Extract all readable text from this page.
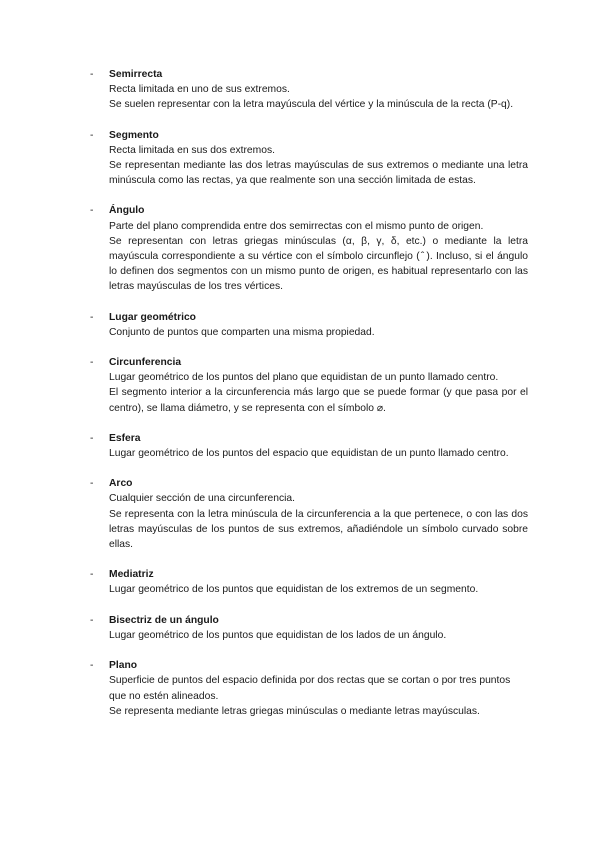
- Semirrecta
Recta limitada en uno de sus extremos.
Se suelen representar con la letra mayúscula del vértice y la minúscula de la recta (P-q).
- Segmento
Recta limitada en sus dos extremos.
Se representan mediante las dos letras mayúsculas de sus extremos o mediante una letra minúscula como las rectas, ya que realmente son una sección limitada de estas.
- Ángulo
Parte del plano comprendida entre dos semirrectas con el mismo punto de origen.
Se representan con letras griegas minúsculas (α, β, γ, δ, etc.) o mediante la letra mayúscula correspondiente a su vértice con el símbolo circunflejo ( ̂ ). Incluso, si el ángulo lo definen dos segmentos con un mismo punto de origen, es habitual representarlo con las letras mayúsculas de los tres vértices.
- Lugar geométrico
Conjunto de puntos que comparten una misma propiedad.
- Circunferencia
Lugar geométrico de los puntos del plano que equidistan de un punto llamado centro.
El segmento interior a la circunferencia más largo que se puede formar (y que pasa por el centro), se llama diámetro, y se representa con el símbolo ⌀.
- Esfera
Lugar geométrico de los puntos del espacio que equidistan de un punto llamado centro.
- Arco
Cualquier sección de una circunferencia.
Se representa con la letra minúscula de la circunferencia a la que pertenece, o con las dos letras mayúsculas de los puntos de sus extremos, añadiéndole un símbolo curvado sobre ellas.
- Mediatriz
Lugar geométrico de los puntos que equidistan de los extremos de un segmento.
- Bisectriz de un ángulo
Lugar geométrico de los puntos que equidistan de los lados de un ángulo.
- Plano
Superficie de puntos del espacio definida por dos rectas que se cortan o por tres puntos que no estén alineados.
Se representa mediante letras griegas minúsculas o mediante letras mayúsculas.
